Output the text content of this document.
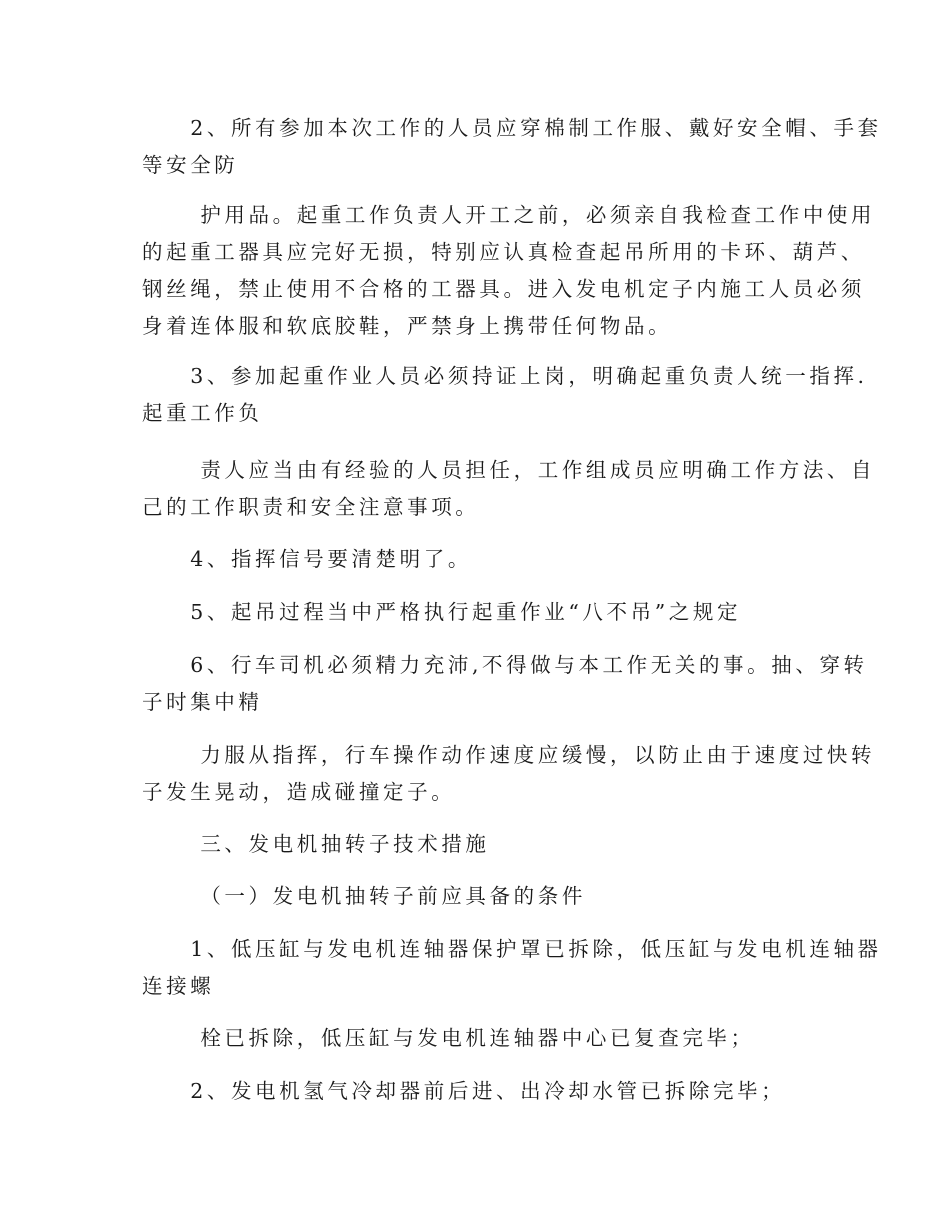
　　2、所有参加本次工作的人员应穿棉制工作服、戴好安全帽、手套
等安全防

　　 护用品。起重工作负责人开工之前，必须亲自我检查工作中使用
的起重工器具应完好无损，特别应认真检查起吊所用的卡环、葫芦、
钢丝绳，禁止使用不合格的工器具。进入发电机定子内施工人员必须
身着连体服和软底胶鞋，严禁身上携带任何物品。

　　3、参加起重作业人员必须持证上岗，明确起重负责人统一指挥.
起重工作负

　　 责人应当由有经验的人员担任，工作组成员应明确工作方法、自
己的工作职责和安全注意事项。

　　4、指挥信号要清楚明了。

　　5、起吊过程当中严格执行起重作业“八不吊”之规定

　　6、行车司机必须精力充沛,不得做与本工作无关的事。抽、穿转
子时集中精

　　 力服从指挥，行车操作动作速度应缓慢，以防止由于速度过快转
子发生晃动，造成碰撞定子。

　　 三、发电机抽转子技术措施

　　 （一）发电机抽转子前应具备的条件

　　1、低压缸与发电机连轴器保护罩已拆除，低压缸与发电机连轴器
连接螺

　　 栓已拆除，低压缸与发电机连轴器中心已复查完毕；

　　2、发电机氢气冷却器前后进、出冷却水管已拆除完毕；
